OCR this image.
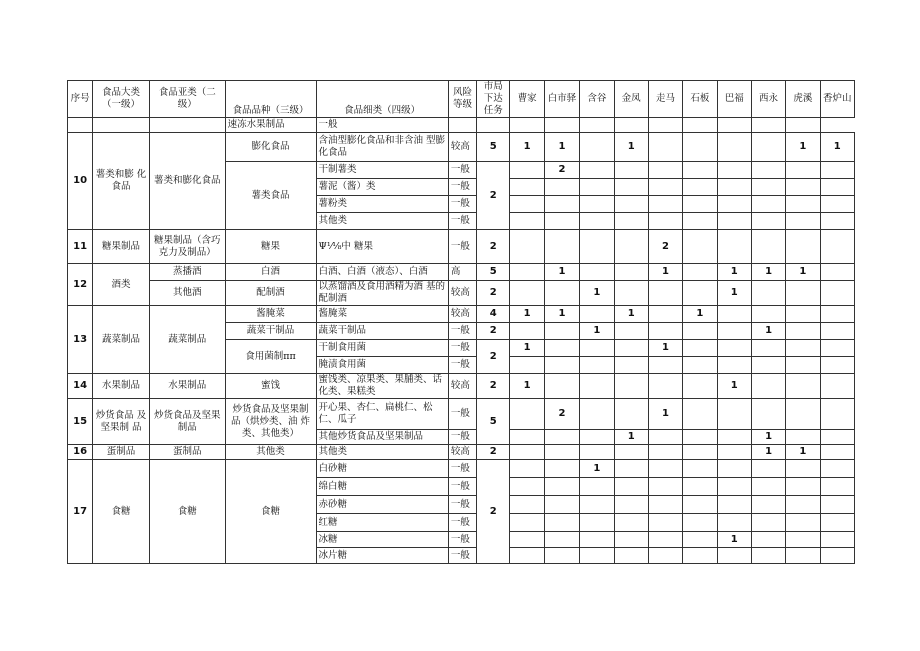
序号	食品大类（一级）	食品亚类（二级）	食品品种（三级）	食品细类（四级）	风险等级	市局下达任务	曹家	白市驿	含谷	金凤	走马	石板	巴福	西永	虎溪	香炉山
			速冻水果制品	一般												
10	薯类和膨 化食品	薯类和膨化食品	膨化食品	含油型膨化食品和非含油 型膨化食品	较高	5	1	1		1					1	1
			薯类食品	干制薯类	一般	2		2								
				薯泥（酱）类	一般											
				薯粉类	一般											
				其他类	一般											
11	糖果制品	糖果制品（含巧克力及制品）	糖果	Ψ⅟⅛中 糖果	一般	2					2					
12	酒类	蒸播酒	白酒	白酒、白酒（液态）、白酒	高	5		1			1		1	1	1	
		其他酒	配制酒	以蒸馏酒及食用酒精为酒 基的配制酒	较高	2			1				1			
13	蔬菜制品	蔬菜制品	酱腌菜	酱腌菜	较高	4	1	1		1		1				
			蔬菜干制品	蔬菜干制品	一般	2			1					1		
			食用菌制ππ	干制食用菌	一般	2	1				1					
				腌渍食用菌	一般											
14	水果制品	水果制品	蜜饯	蜜饯类、凉果类、果脯类、话化类、果糕类	较高	2	1						1			
15	炒货食品 及坚果制 品	炒货食品及坚果制品	炒货食品及坚果制 品（烘炒类、油 炸类、其他类）	开心果、杏仁、扁桃仁、松仁、瓜子	一般	5		2			1					
				其他炒货食品及坚果制品	一般					1				1		
16	蛋制品	蛋制品	其他类	其他类	较高	2								1	1	
17	食糖	食糖	食糖	白砂糖	一般	2			1							
				绵白糖	一般											
				赤砂糖	一般											
				红糖	一般											
				冰糖	一般								1			
				冰片糖	一般											
